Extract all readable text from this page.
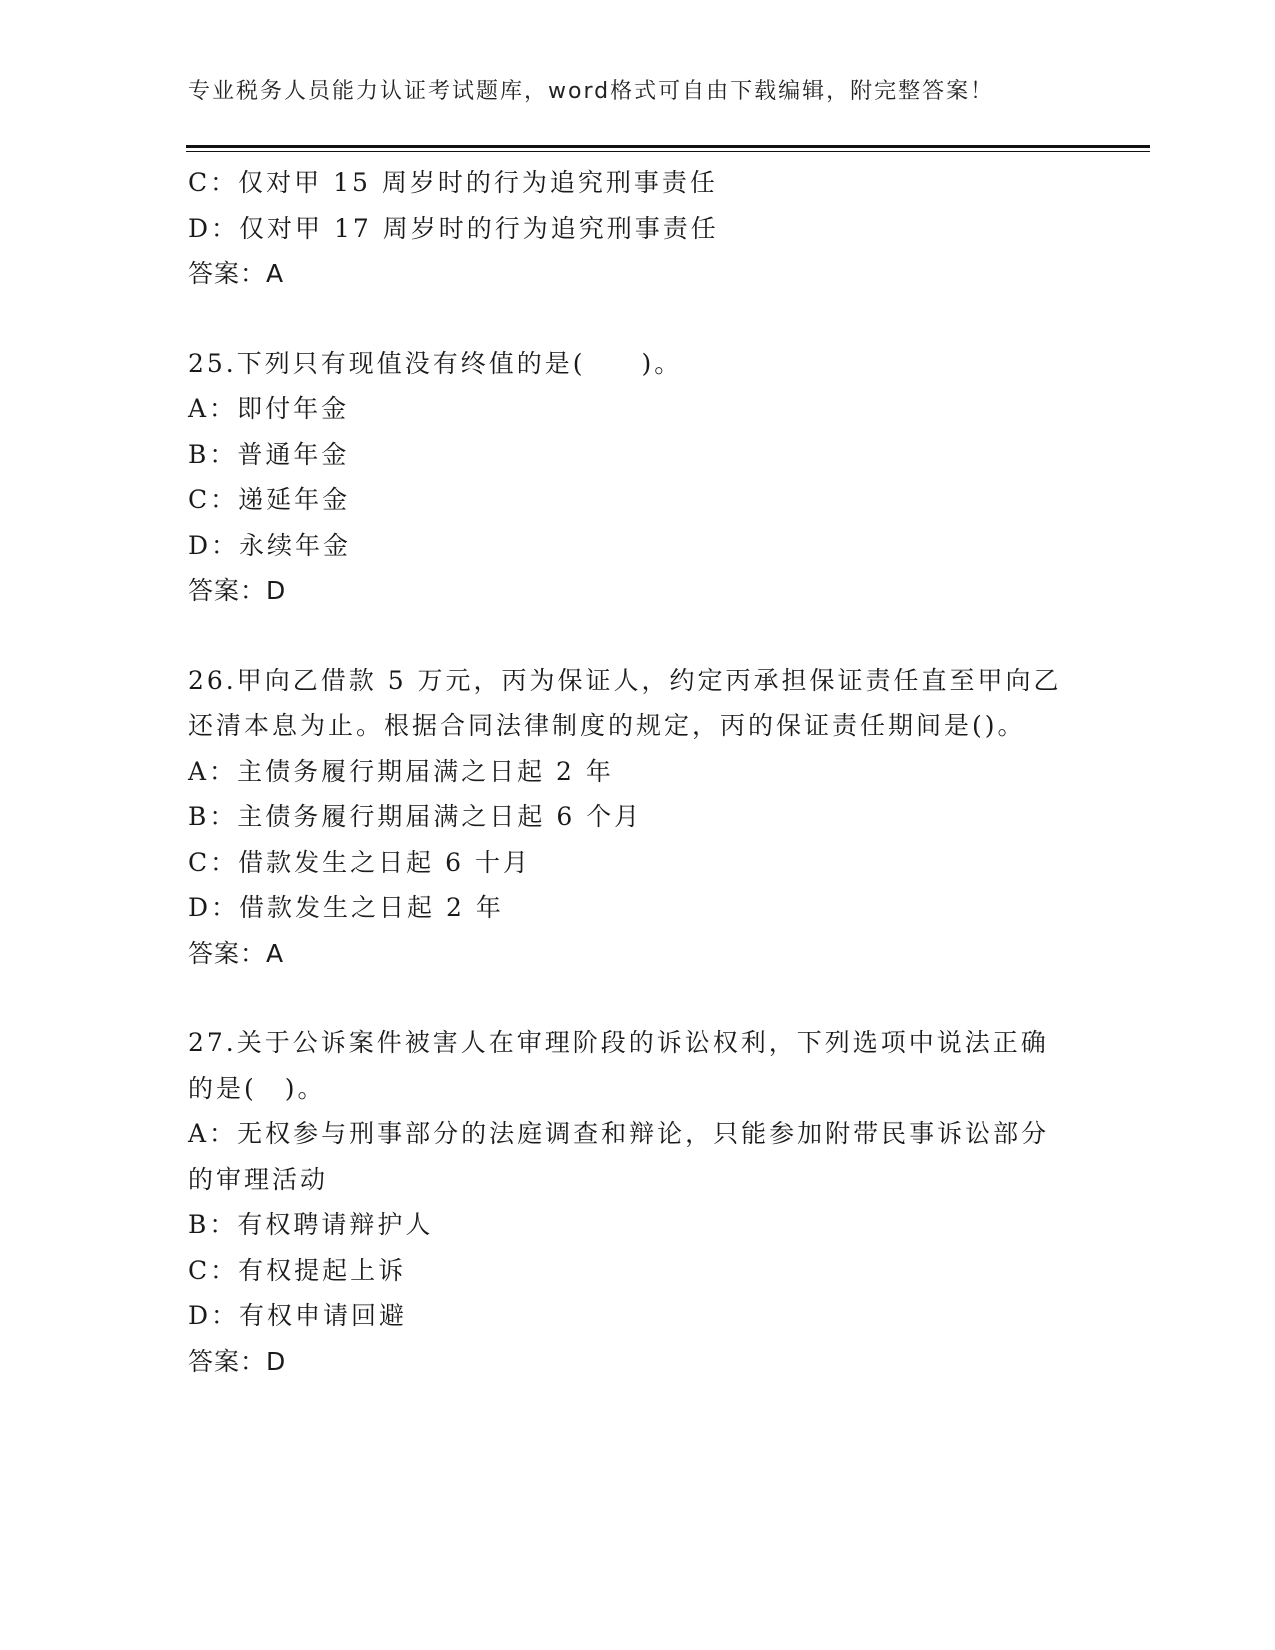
专业税务人员能力认证考试题库，word格式可自由下载编辑，附完整答案！
C：仅对甲 15 周岁时的行为追究刑事责任
D：仅对甲 17 周岁时的行为追究刑事责任
答案：A
25.下列只有现值没有终值的是(　　)。
A：即付年金
B：普通年金
C：递延年金
D：永续年金
答案：D
26.甲向乙借款 5 万元，丙为保证人，约定丙承担保证责任直至甲向乙
还清本息为止。根据合同法律制度的规定，丙的保证责任期间是()。
A：主债务履行期届满之日起 2 年
B：主债务履行期届满之日起 6 个月
C：借款发生之日起 6 十月
D：借款发生之日起 2 年
答案：A
27.关于公诉案件被害人在审理阶段的诉讼权利，下列选项中说法正确
的是(　)。
A：无权参与刑事部分的法庭调查和辩论，只能参加附带民事诉讼部分
的审理活动
B：有权聘请辩护人
C：有权提起上诉
D：有权申请回避
答案：D
